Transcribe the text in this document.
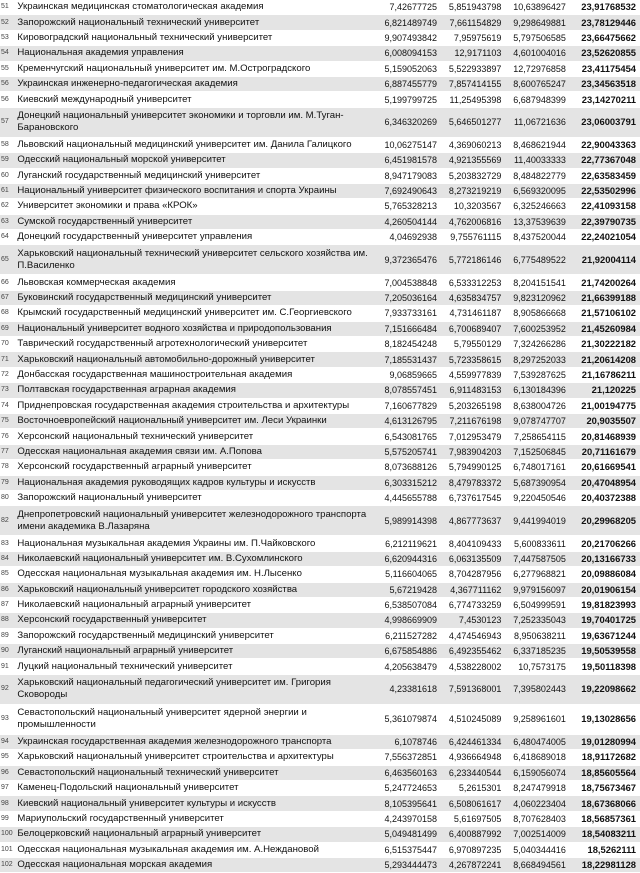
51	Украинская медицинская стоматологическая академия	7,42677725	5,851943798	10,63896427	23,91768532
52	Запорожский национальный технический университет	6,821489749	7,661154829	9,298649881	23,78129446
53	Кировоградский национальный технический университет	9,907493842	7,95975619	5,797506585	23,66475662
54	Национальная академия управления	6,008094153	12,9171103	4,601004016	23,52620855
55	Кременчугский национальный университет им. М.Остроградского	5,159052063	5,522933897	12,72976858	23,41175454
56	Украинская инженерно-педагогическая академия	6,887455779	7,857414155	8,600765247	23,34563518
56	Киевский международный университет	5,199799725	11,25495398	6,687948399	23,14270211
57	Донецкий национальный университет экономики и торговли им. М.Туган-Барановского	6,346320269	5,646501277	11,06721636	23,06003791
58	Львовский национальный медицинский университет им. Данила Галицкого	10,06275147	4,369060213	8,468621944	22,90043363
59	Одесский национальный морской университет	6,451981578	4,921355569	11,40033333	22,77367048
60	Луганский государственный медицинский университет	8,947179083	5,203832729	8,484822779	22,63583459
61	Национальный университет физического воспитания и спорта Украины	7,692490643	8,273219219	6,569320095	22,53502996
62	Университет экономики и права «КРОК»	5,765328213	10,3203567	6,325246663	22,41093158
63	Сумской государственный университет	4,260504144	4,762006816	13,37539639	22,39790735
64	Донецкий государственный университет управления	4,04692938	9,755761115	8,437520044	22,24021054
65	Харьковский национальный технический университет сельского хозяйства им. П.Василенко	9,372365476	5,772186146	6,775489522	21,92004114
66	Львовская коммерческая академия	7,004538848	6,533312253	8,204151541	21,74200264
67	Буковинский государственный медицинский университет	7,205036164	4,635834757	9,823120962	21,66399188
68	Крымский государственный медицинский университет им. С.Георгиевского	7,933733161	4,731461187	8,905866668	21,57106102
69	Национальный университет водного хозяйства и природопользования	7,151666484	6,700689407	7,600253952	21,45260984
70	Таврический государственный агротехнологический университет	8,182454248	5,79550129	7,324266286	21,30222182
71	Харьковский национальный автомобильно-дорожный университет	7,185531437	5,723358615	8,297252033	21,20614208
72	Донбасская государственная машиностроительная академия	9,06859665	4,559977839	7,539287625	21,16786211
73	Полтавская государственная аграрная академия	8,078557451	6,911483153	6,130184396	21,120225
74	Приднепровская государственная академия строительства и архитектуры	7,160677829	5,203265198	8,638004726	21,00194775
75	Восточноевропейский национальный университет им. Леси Украинки	4,613126795	7,211676198	9,078747707	20,9035507
76	Херсонский национальный технический университет	6,543081765	7,012953479	7,258654115	20,81468939
77	Одесская национальная академия связи им. А.Попова	5,575205741	7,983904203	7,152506845	20,71161679
78	Херсонский государственный аграрный университет	8,073688126	5,794990125	6,748017161	20,61669541
79	Национальная академия руководящих кадров культуры и искусств	6,303315212	8,479783372	5,687390954	20,47048954
80	Запорожский национальный университет	4,445655788	6,737617545	9,220450546	20,40372388
82	Днепропетровский национальный университет железнодорожного транспорта имени академика В.Лазаряна	5,989914398	4,867773637	9,441994019	20,29968205
83	Национальная музыкальная академия Украины им. П.Чайковского	6,212119621	8,404109433	5,600833611	20,21706266
84	Николаевский национальный университет им. В.Сухомлинского	6,620944316	6,063135509	7,447587505	20,13166733
85	Одесская национальная музыкальная академия им. Н.Лысенко	5,116604065	8,704287956	6,277968821	20,09886084
86	Харьковский национальный университет городского хозяйства	5,67219428	4,367711162	9,979156097	20,01906154
87	Николаевский национальный аграрный университет	6,538507084	6,774733259	6,504999591	19,81823993
88	Херсонский государственный университет	4,998669909	7,4530123	7,252335043	19,70401725
89	Запорожский государственный медицинский университет	6,211527282	4,474546943	8,950638211	19,63671244
90	Луганский национальный аграрный университет	6,675854886	6,492355462	6,337185235	19,50539558
91	Луцкий национальный технический университет	4,205638479	4,538228002	10,7573175	19,50118398
92	Харьковский национальный педагогический университет им. Григория Сковороды	4,23381618	7,591368001	7,395802443	19,22098662
93	Севастопольский национальный университет ядерной энергии и промышленности	5,361079874	4,510245089	9,258961601	19,13028656
94	Украинская государственная академия железнодорожного транспорта	6,1078746	6,424461334	6,480474005	19,01280994
95	Харьковский национальный университет строительства и архитектуры	7,556372851	4,936664948	6,418689018	18,91172682
96	Севастопольский национальный технический университет	6,463560163	6,233440544	6,159056074	18,85605564
97	Каменец-Подольский национальный университет	5,247724653	5,2615301	8,247479918	18,75673467
98	Киевский национальный университет культуры и искусств	8,105395641	6,508061617	4,060223404	18,67368066
99	Мариупольский государственный университет	4,243970158	5,61697505	8,707628403	18,56857361
100	Белоцерковский национальный аграрный университет	5,049481499	6,400887992	7,002514009	18,54083211
101	Одесская национальная музыкальная академия им. А.Неждановой	6,515375447	6,970897235	5,040344416	18,5262111
102	Одесская национальная морская академия	5,293444473	4,267872241	8,668494561	18,22981128
